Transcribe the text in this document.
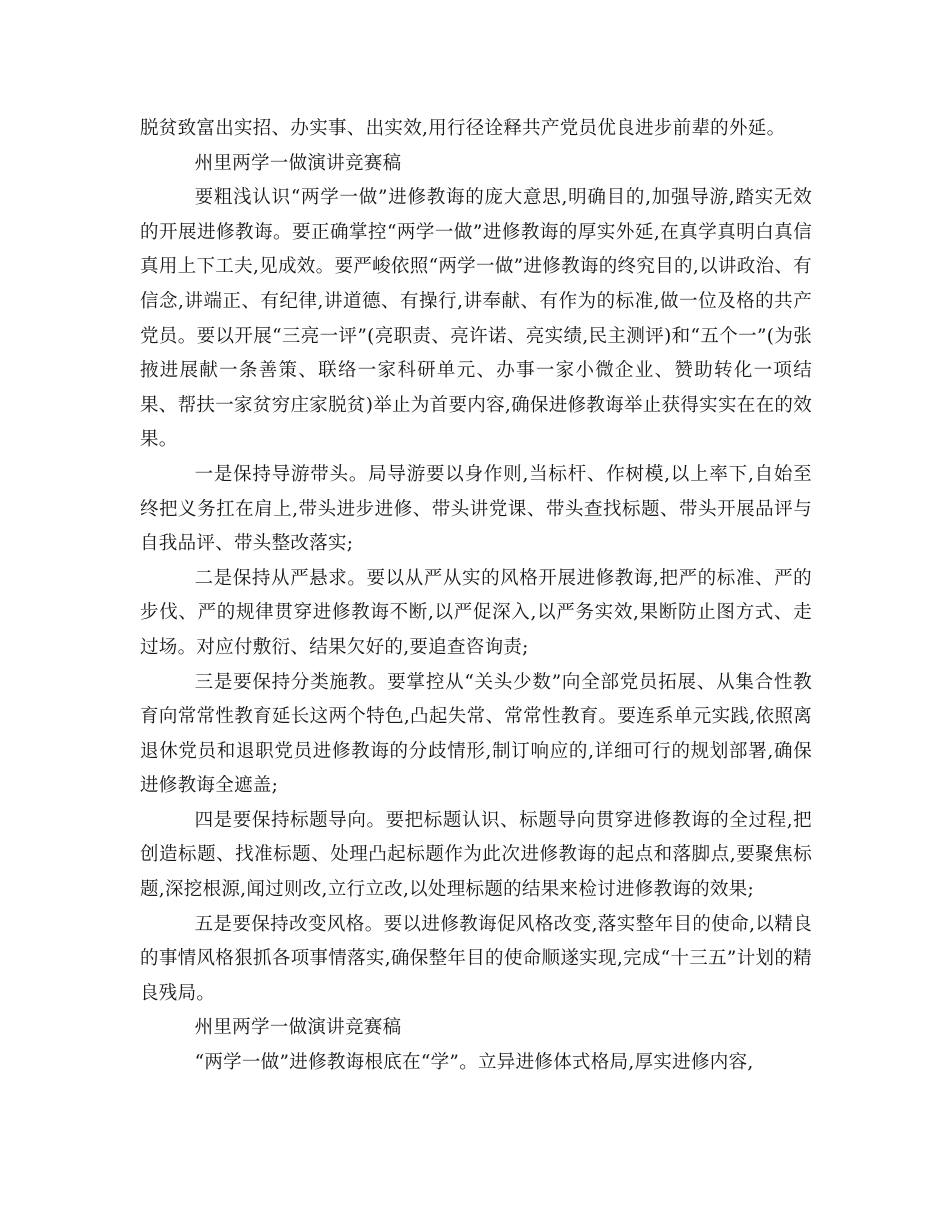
脱贫致富出实招、办实事、出实效,用行径诠释共产党员优良进步前辈的外延。

州里两学一做演讲竞赛稿

要粗浅认识“两学一做”进修教诲的庞大意思,明确目的,加强导游,踏实无效的开展进修教诲。要正确掌控“两学一做”进修教诲的厚实外延,在真学真明白真信真用上下工夫,见成效。要严峻依照“两学一做”进修教诲的终究目的,以讲政治、有信念,讲端正、有纪律,讲道德、有操行,讲奉献、有作为的标准,做一位及格的共产党员。要以开展“三亮一评”(亮职责、亮许诺、亮实绩,民主测评)和“五个一”(为张掖进展献一条善策、联络一家科研单元、办事一家小微企业、赞助转化一项结果、帮扶一家贫穷庄家脱贫)举止为首要内容,确保进修教诲举止获得实实在在的效果。

一是保持导游带头。局导游要以身作则,当标杆、作树模,以上率下,自始至终把义务扛在肩上,带头进步进修、带头讲党课、带头查找标题、带头开展品评与自我品评、带头整改落实;

二是保持从严悬求。要以从严从实的风格开展进修教诲,把严的标准、严的步伐、严的规律贯穿进修教诲不断,以严促深入,以严务实效,果断防止图方式、走过场。对应付敷衍、结果欠好的,要追查咨询责;

三是要保持分类施教。要掌控从“关头少数”向全部党员拓展、从集合性教育向常常性教育延长这两个特色,凸起失常、常常性教育。要连系单元实践,依照离退休党员和退职党员进修教诲的分歧情形,制订响应的,详细可行的规划部署,确保进修教诲全遮盖;

四是要保持标题导向。要把标题认识、标题导向贯穿进修教诲的全过程,把创造标题、找准标题、处理凸起标题作为此次进修教诲的起点和落脚点,要聚焦标题,深挖根源,闻过则改,立行立改,以处理标题的结果来检讨进修教诲的效果;

五是要保持改变风格。要以进修教诲促风格改变,落实整年目的使命,以精良的事情风格狠抓各项事情落实,确保整年目的使命顺遂实现,完成“十三五”计划的精良残局。

州里两学一做演讲竞赛稿

“两学一做”进修教诲根底在“学”。立异进修体式格局,厚实进修内容,
